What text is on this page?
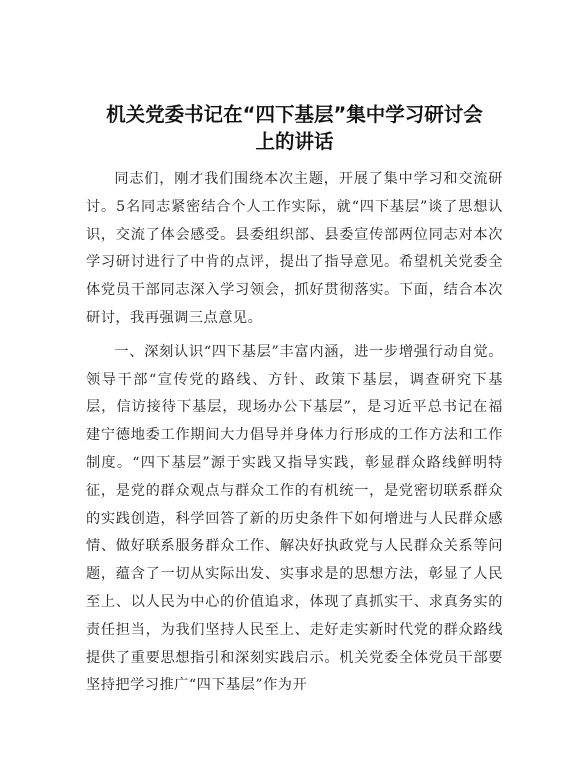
机关党委书记在“四下基层”集中学习研讨会
上的讲话

同志们，刚才我们围绕本次主题，开展了集中学习和交流研讨。5名同志紧密结合个人工作实际，就“四下基层”谈了思想认识，交流了体会感受。县委组织部、县委宣传部两位同志对本次学习研讨进行了中肯的点评，提出了指导意见。希望机关党委全体党员干部同志深入学习领会，抓好贯彻落实。下面，结合本次研讨，我再强调三点意见。

一、深刻认识“四下基层”丰富内涵，进一步增强行动自觉。领导干部“宣传党的路线、方针、政策下基层，调查研究下基层，信访接待下基层，现场办公下基层”，是习近平总书记在福建宁德地委工作期间大力倡导并身体力行形成的工作方法和工作制度。“四下基层”源于实践又指导实践，彰显群众路线鲜明特征，是党的群众观点与群众工作的有机统一，是党密切联系群众的实践创造，科学回答了新的历史条件下如何增进与人民群众感情、做好联系服务群众工作、解决好执政党与人民群众关系等问题，蕴含了一切从实际出发、实事求是的思想方法，彰显了人民至上、以人民为中心的价值追求，体现了真抓实干、求真务实的责任担当，为我们坚持人民至上、走好走实新时代党的群众路线提供了重要思想指引和深刻实践启示。机关党委全体党员干部要坚持把学习推广“四下基层”作为开
